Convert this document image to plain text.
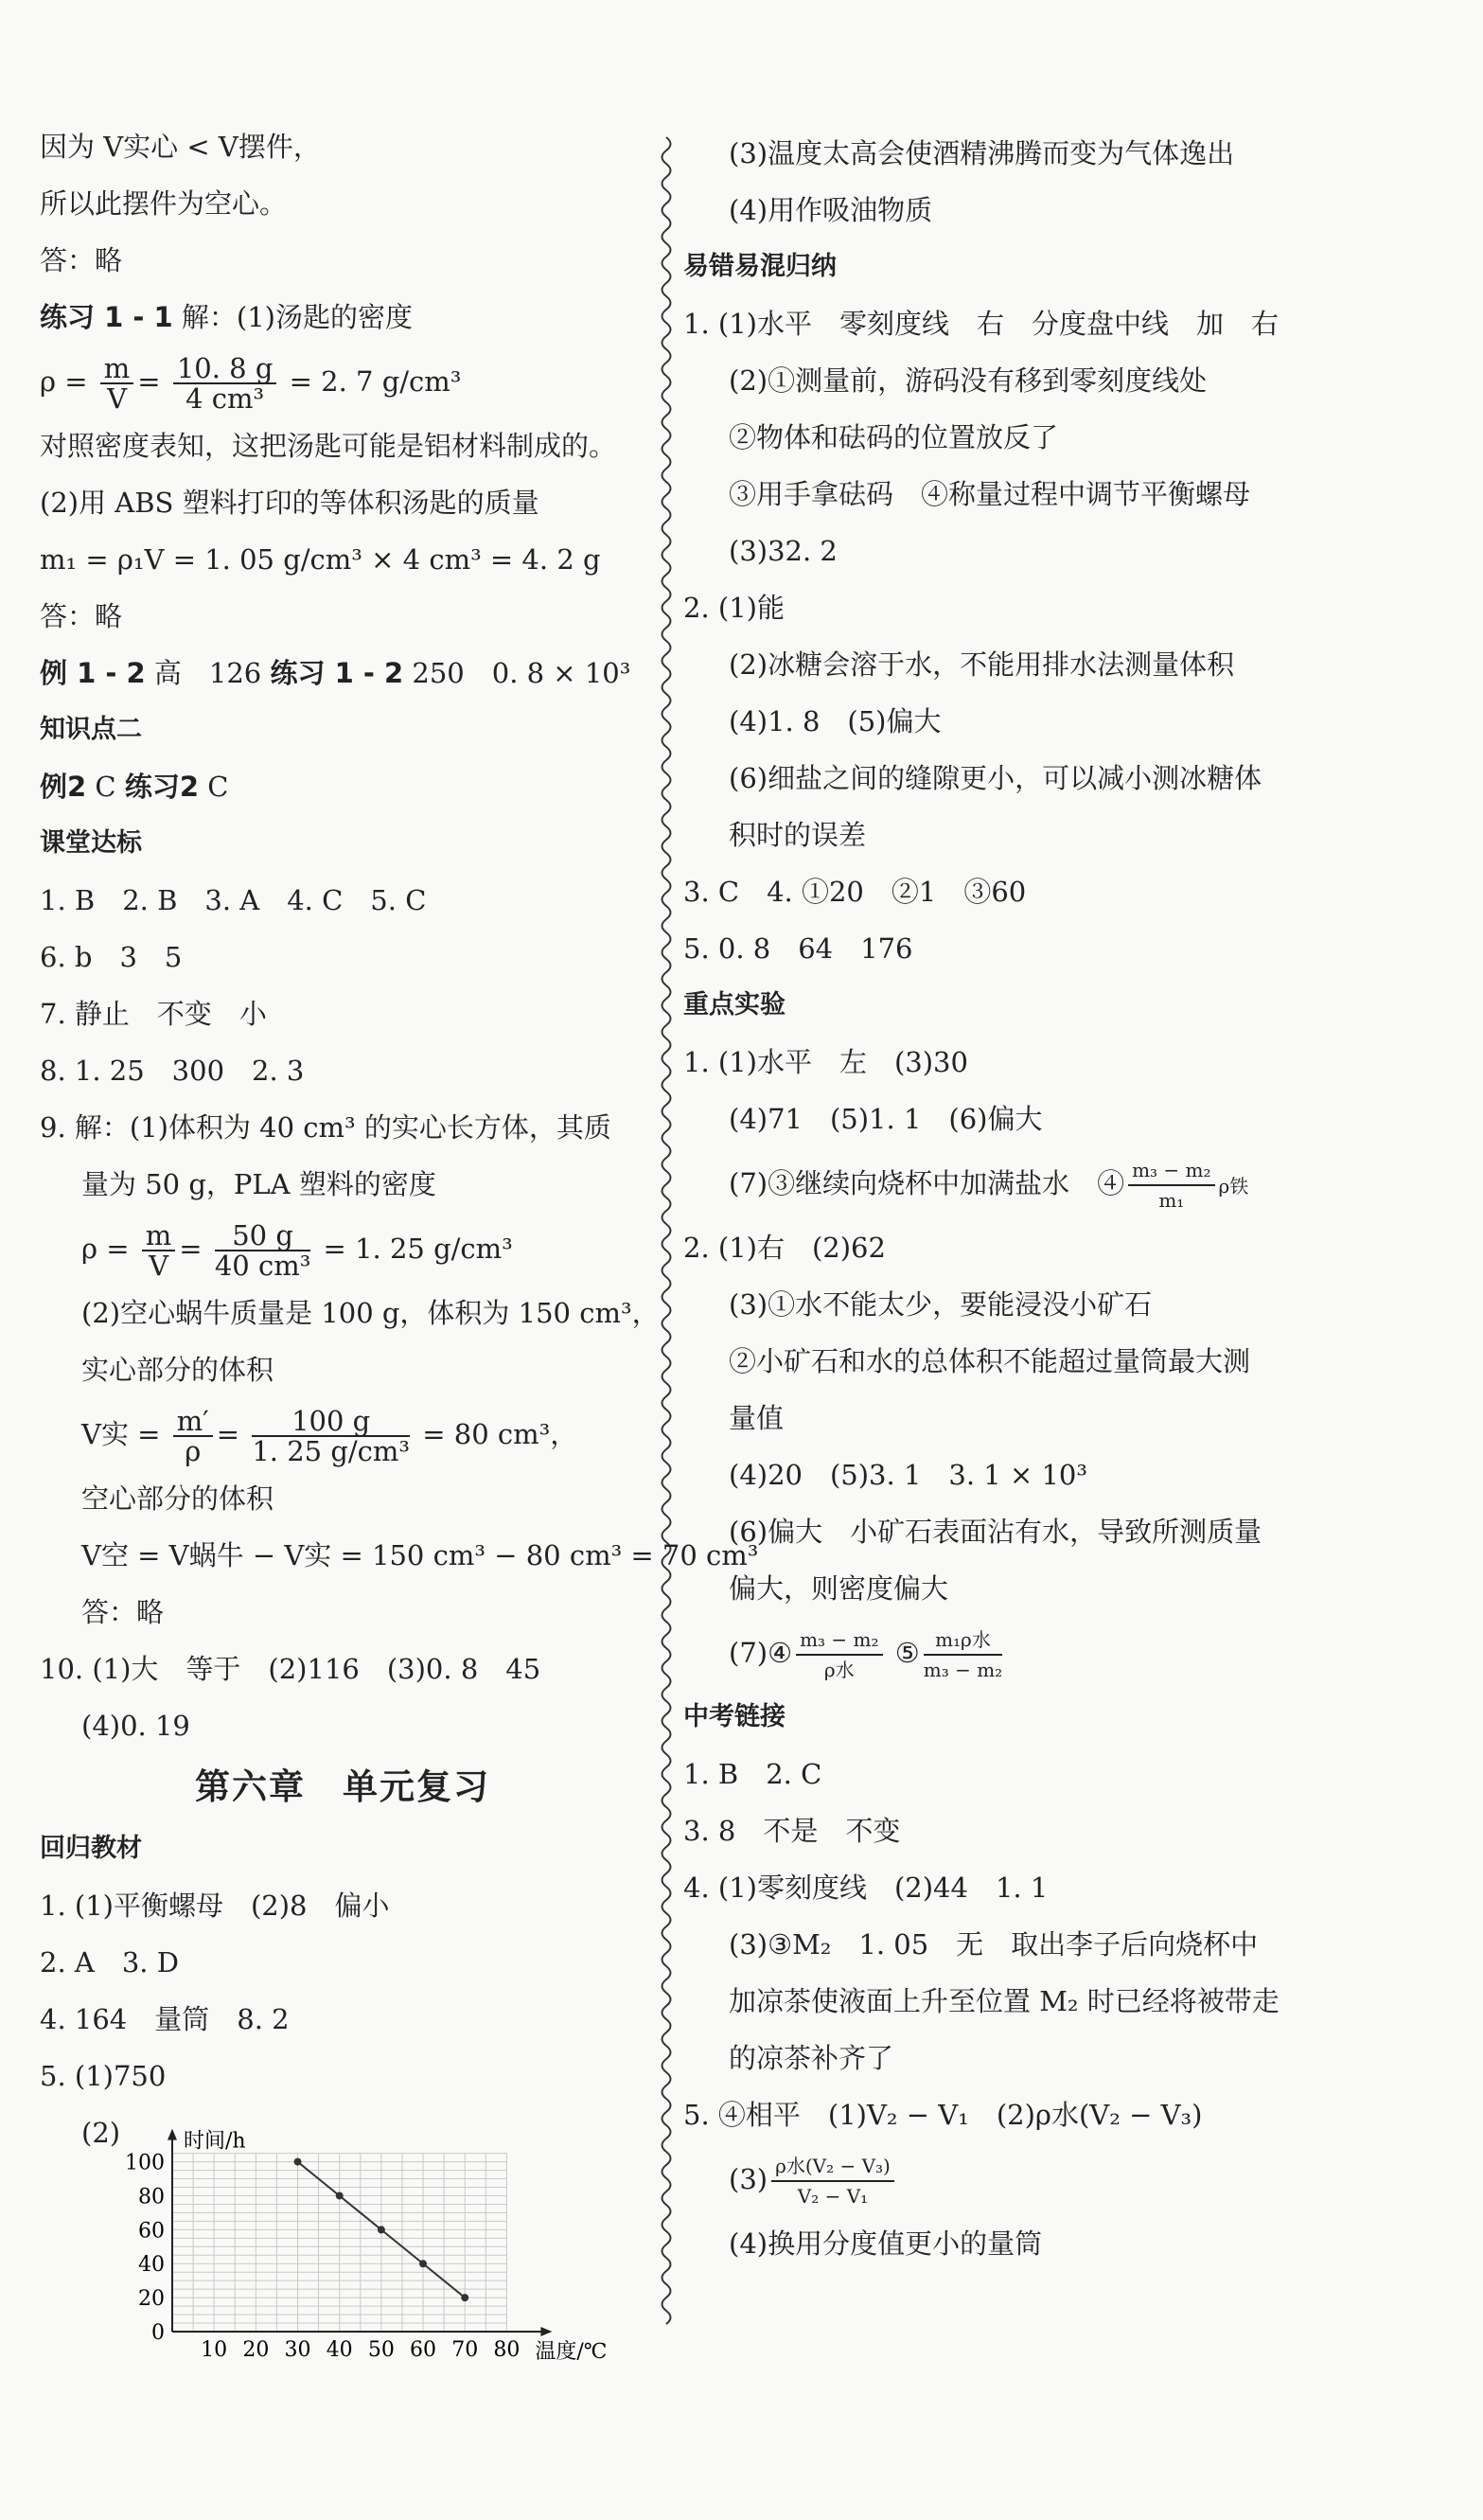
因为 V实心 < V摆件，
所以此摆件为空心。
答：略
练习 1 - 1 解：(1)汤匙的密度
$\rho = \frac{m}{V} = \frac{10. 8 g}{\text{4 cm³}} = 2$. 7 g/cm³
对照密度表知，这把汤匙可能是铝材料制成的。
(2)用 ABS 塑料打印的等体积汤匙的质量
m₁ = ρ₁V = 1. 05 g/cm³ × 4 cm³ = 4. 2 g
答：略
例 1 - 2 高　126 练习 1 - 2 250　0. 8 × 10³
知识点二
例2 C 练习2 C
课堂达标
1. B　2. B　3. A　4. C　5. C
6. b　3　5
7. 静止　不变　小
8. 1. 25　300　2. 3
9. 解：(1)体积为 40 cm³ 的实心长方体，其质
量为 50 g，PLA 塑料的密度
$\rho = \frac{m}{V} = \frac{50 g}{\text{40 cm³}} = 1$. 25 g/cm³
(2)空心蜗牛质量是 100 g，体积为 150 cm³，
实心部分的体积
V实 = $\frac{m'}{\rho} = \frac{100 g}{\text{1. 25 g/cm³}} = 80$ cm³，
空心部分的体积
V空 = V蜗牛 − V实 = 150 cm³ − 80 cm³ = 70 cm³
答：略
10. (1)大　等于　(2)116　(3)0. 8　45
(4)0. 19
第六章　单元复习
回归教材
1. (1)平衡螺母　(2)8　偏小
2. A　3. D
4. 164　量筒　8. 2
5. (1)750
(2)
10 20 30 40 50 60 70 80
0
20
40
60
80
100
时间/h
温度/℃
(3)温度太高会使酒精沸腾而变为气体逸出
(4)用作吸油物质
易错易混归纳
1. (1)水平　零刻度线　右　分度盘中线　加　右
(2)①测量前，游码没有移到零刻度线处
②物体和砝码的位置放反了
③用手拿砝码　④称量过程中调节平衡螺母
(3)32. 2
2. (1)能
(2)冰糖会溶于水，不能用排水法测量体积
(4)1. 8　(5)偏大
(6)细盐之间的缝隙更小，可以减小测冰糖体
积时的误差
3. C　4. ①20　②1　③60
5. 0. 8　64　176
重点实验
1. (1)水平　左　(3)30
(4)71　(5)1. 1　(6)偏大
(7)③继续向烧杯中加满盐水　④ $\frac{\text{m₃ − m₂}}{\text{m₁}}$ ρ铁
2. (1)右　(2)62
(3)①水不能太少，要能浸没小矿石
②小矿石和水的总体积不能超过量筒最大测
量值
(4)20　(5)3. 1　3. 1 × 10³
(6)偏大　小矿石表面沾有水，导致所测质量
偏大，则密度偏大
(7)④ m₃ − m₂
ρ水
⑤ m₁ρ水
m₃ − m₂
中考链接
1. B　2. C
3. 8　不是　不变
4. (1)零刻度线　(2)44　1. 1
(3)③M₂　1. 05　无　取出李子后向烧杯中
加凉茶使液面上升至位置 M₂ 时已经将被带走
的凉茶补齐了
5. ④相平　(1)V₂ − V₁　(2)ρ水(V₂ − V₃)
(3) ρ水(V₂ − V₃)
V₂ − V₁
(4)换用分度值更小的量筒
